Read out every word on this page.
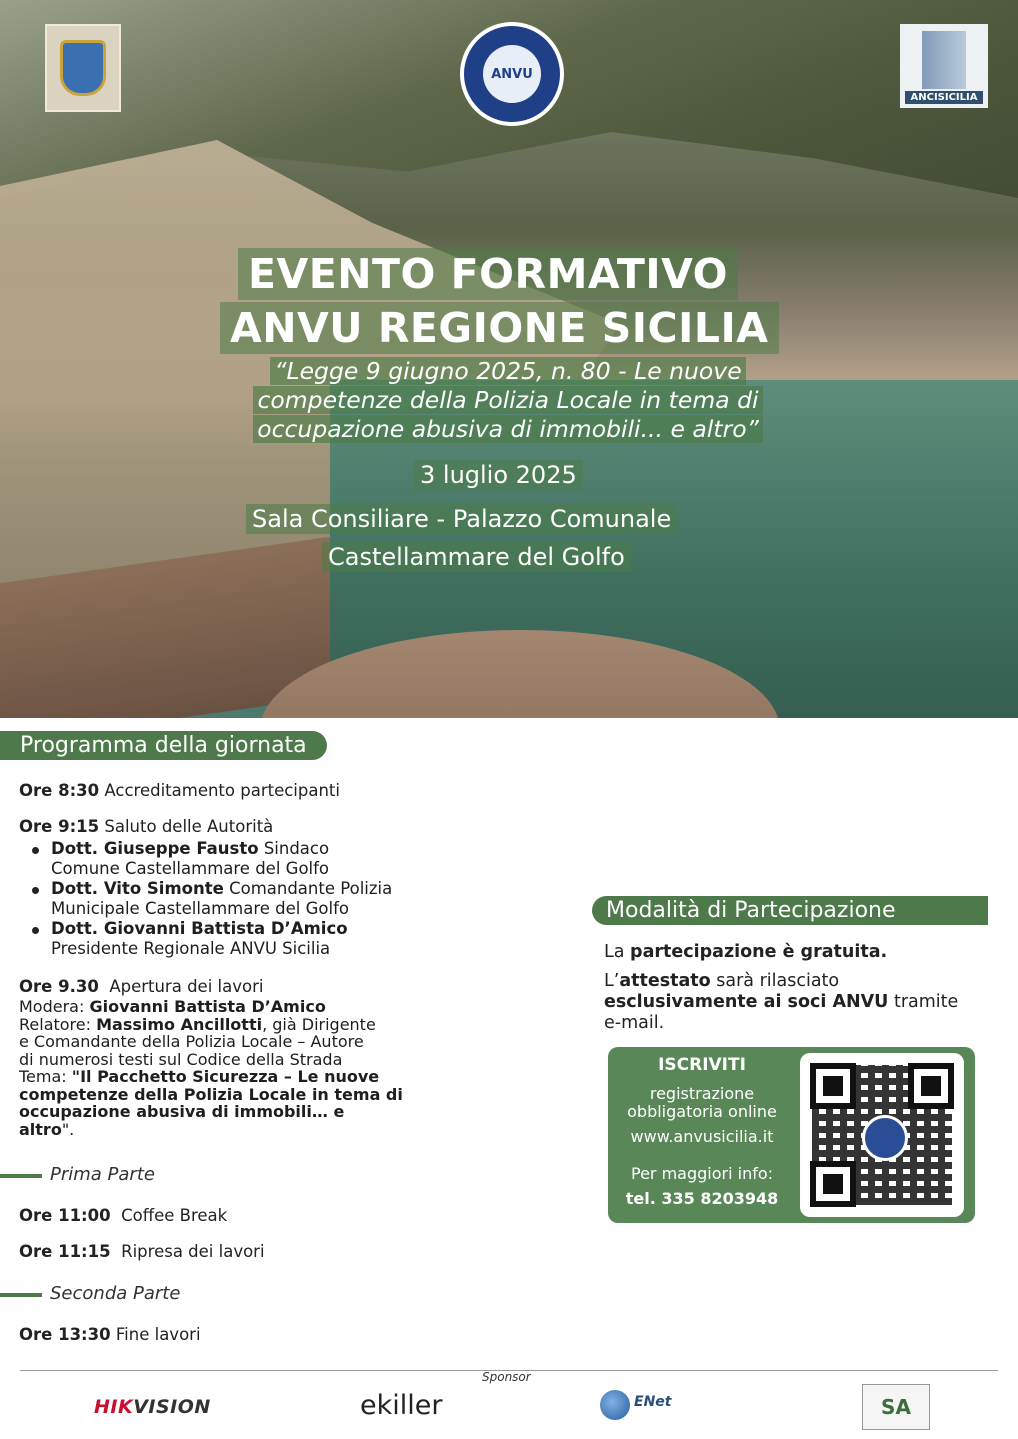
ANVU
ANCISICILIA
EVENTO FORMATIVO
ANVU REGIONE SICILIA
“Legge 9 giugno 2025, n. 80 - Le nuove
competenze della Polizia Locale in tema di
occupazione abusiva di immobili... e altro”
3 luglio 2025
Sala Consiliare - Palazzo Comunale
Castellammare del Golfo
Programma della giornata
Ore 8:30 Accreditamento partecipanti
Ore 9:15 Saluto delle Autorità
Dott. Giuseppe Fausto Sindaco
Comune Castellammare del Golfo
Dott. Vito Simonte Comandante Polizia
Municipale Castellammare del Golfo
Dott. Giovanni Battista D’Amico
Presidente Regionale ANVU Sicilia
Ore 9.30 Apertura dei lavori
Modera: Giovanni Battista D’Amico
Relatore: Massimo Ancillotti, già Dirigente
e Comandante della Polizia Locale – Autore
di numerosi testi sul Codice della Strada
Tema: "Il Pacchetto Sicurezza – Le nuove
competenze della Polizia Locale in tema di
occupazione abusiva di immobili… e
altro".
Prima Parte
Ore 11:00 Coffee Break
Ore 11:15 Ripresa dei lavori
Seconda Parte
Ore 13:30 Fine lavori
Modalità di Partecipazione
La partecipazione è gratuita.
L’attestato sarà rilasciato
esclusivamente ai soci ANVU tramite
e-mail.
ISCRIVITI
registrazione
obbligatoria online
www.anvusicilia.it
Per maggiori info:
tel. 335 8203948
Sponsor
HIKVISION	ekiller	ENet	SA
